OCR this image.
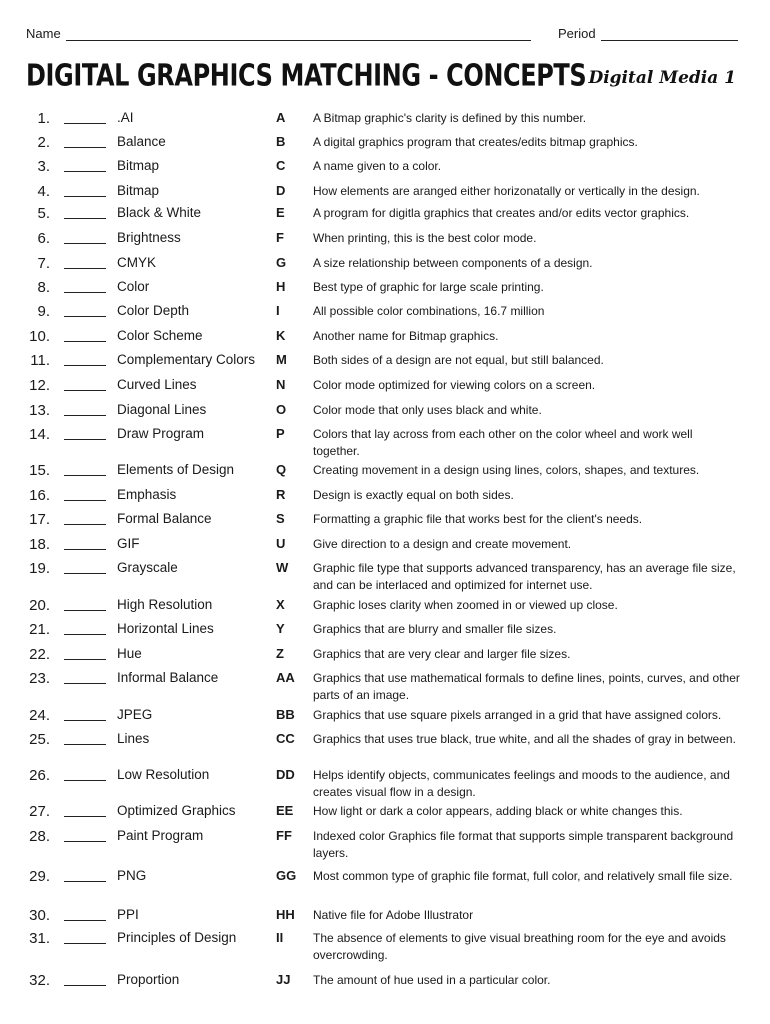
Name	Period
DIGITAL GRAPHICS MATCHING - CONCEPTS Digital Media 1
1.	.AI	A	A Bitmap graphic's clarity is defined by this number.
2.	Balance	B	A digital graphics program that creates/edits bitmap graphics.
3.	Bitmap	C	A name given to a color.
4.	Bitmap	D	How elements are aranged either horizonatally or vertically in the design.
5.	Black & White	E	A program for digitla graphics that creates and/or edits vector graphics.
6.	Brightness	F	When printing, this is the best color mode.
7.	CMYK	G	A size relationship between components of a design.
8.	Color	H	Best type of graphic for large scale printing.
9.	Color Depth	I	All possible color combinations, 16.7 million
10.	Color Scheme	K	Another name for Bitmap graphics.
11.	Complementary Colors M	Both sides of a design are not equal, but still balanced.
12.	Curved Lines	N	Color mode optimized for viewing colors on a screen.
13.	Diagonal Lines	O	Color mode that only uses black and white.
14.	Draw Program	P	Colors that lay across from each other on the color wheel and work well together.
15.	Elements of Design	Q	Creating movement in a design using lines, colors, shapes, and textures.
16.	Emphasis	R	Design is exactly equal on both sides.
17.	Formal Balance	S	Formatting a graphic file that works best for the client's needs.
18.	GIF	U	Give direction to a design and create movement.
19.	Grayscale	W	Graphic file type that supports advanced transparency, has an average file size, and can be interlaced and optimized for internet use.
20.	High Resolution	X	Graphic loses clarity when zoomed in or viewed up close.
21.	Horizontal Lines	Y	Graphics that are blurry and smaller file sizes.
22.	Hue	Z	Graphics that are very clear and larger file sizes.
23.	Informal Balance	AA	Graphics that use mathematical formals to define lines, points, curves, and other parts of an image.
24.	JPEG	BB	Graphics that use square pixels arranged in a grid that have assigned colors.
25.	Lines	CC	Graphics that uses true black, true white, and all the shades of gray in between.
26.	Low Resolution	DD	Helps identify objects, communicates feelings and moods to the audience, and creates visual flow in a design.
27.	Optimized Graphics	EE	How light or dark a color appears, adding black or white changes this.
28.	Paint Program	FF	Indexed color Graphics file format that supports simple transparent background layers.
29.	PNG	GG	Most common type of graphic file format, full color, and relatively small file size.
30.	PPI	HH	Native file for Adobe Illustrator
31.	Principles of Design	II	The absence of elements to give visual breathing room for the eye and avoids overcrowding.
32.	Proportion	JJ	The amount of hue used in a particular color.
